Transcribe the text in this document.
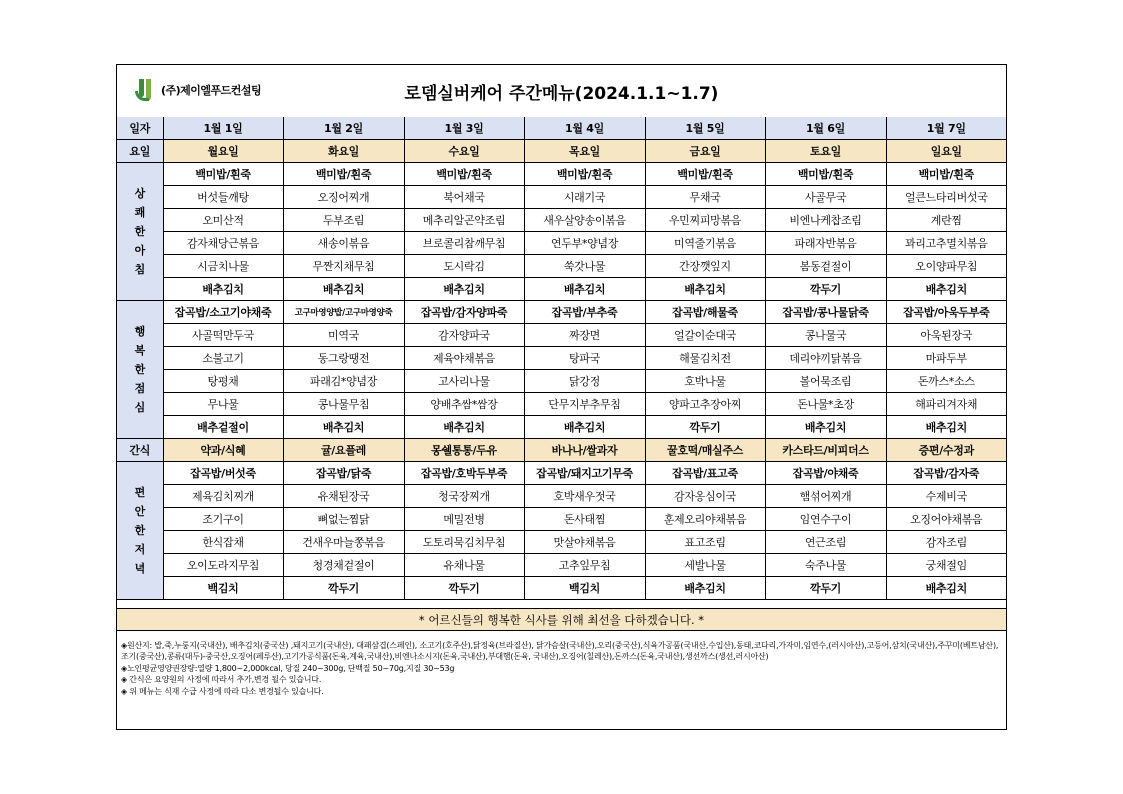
(주)제이엘푸드컨설팅	로뎀실버케어 주간메뉴(2024.1.1~1.7)
일자	1월 1일	1월 2일	1월 3일	1월 4일	1월 5일	1월 6일	1월 7일
요일	월요일	화요일	수요일	목요일	금요일	토요일	일요일
상
쾌
한
아
침	백미밥/흰죽	백미밥/흰죽	백미밥/흰죽	백미밥/흰죽	백미밥/흰죽	백미밥/흰죽	백미밥/흰죽
	버섯들깨탕	오징어찌개	북어채국	시래기국	무채국	사골무국	얼큰느타리버섯국
	오미산적	두부조림	메추리알곤약조림	새우살양송이볶음	우민찌피망볶음	비엔나케찹조림	계란찜
	감자채당근볶음	새송이볶음	브로콜리참깨무침	연두부*양념장	미역줄기볶음	파래자반볶음	꽈리고추멸치볶음
	시금치나물	무짠지채무침	도시락김	쑥갓나물	간장깻잎지	봄동겉절이	오이양파무침
	배추김치	배추김치	배추김치	배추김치	배추김치	깍두기	배추김치
행
복
한
점
심	잡곡밥/소고기야채죽	고구마영양밥/고구마영양죽	잡곡밥/감자양파죽	잡곡밥/부추죽	잡곡밥/해물죽	잡곡밥/콩나물닭죽	잡곡밥/아욱두부죽
	사골떡만두국	미역국	감자양파국	짜장면	얼갈이순대국	콩나물국	아욱된장국
	소불고기	동그랑땡전	제육야채볶음	탕파국	해물김치전	데리야끼닭볶음	마파두부
	탕평채	파래김*양념장	고사리나물	닭강정	호박나물	볼어묵조림	돈까스*소스
	무나물	콩나물무침	양배추쌈*쌈장	단무지부추무침	양파고추장아찌	돈나물*초장	해파리겨자채
	배추겉절이	배추김치	배추김치	배추김치	깍두기	배추김치	배추김치
간식	약과/식혜	귤/요플레	몽쉘통통/두유	바나나/쌀과자	꿀호떡/매실주스	카스타드/비피더스	증편/수정과
편
안
한
저
녁	잡곡밥/버섯죽	잡곡밥/닭죽	잡곡밥/호박두부죽	잡곡밥/돼지고기무죽	잡곡밥/표고죽	잡곡밥/야채죽	잡곡밥/감자죽
	제육김치찌개	유채된장국	청국장찌개	호박새우젓국	감자옹심이국	햄섞어찌개	수제비국
	조기구이	뼈없는찜닭	메밀전병	돈사태찜	훈제오리야채볶음	임연수구이	오징어야채볶음
	한식잡채	건새우마늘쫑볶음	도토리묵김치무침	맛살야채볶음	표고조림	연근조림	감자조림
	오이도라지무침	청경채겉절이	유채나물	고추잎무침	세발나물	숙주나물	궁채절임
	백김치	깍두기	깍두기	백김치	배추김치	깍두기	배추김치
* 어르신들의 행복한 식사를 위해 최선을 다하겠습니다. *
◈원산지: 밥,죽,누룽지(국내산), 배추김치(중국산) ,돼지고기(국내산), 대패삼겹(스페인), 소고기(호주산),닭정육(브라질산), 닭가슴살(국내산),오리(중국산),식육가공품(국내산,수입산),동태,코다리,가자미,임연수,(러시아산),고등어,삼치(국내산),주꾸미(베트남산),조기(중국산),콩류(대두)-중국산,오징어(페루산),고기가공식품(돈육,계육,국내산),비엔나소시지(돈육,국내산),부대햄(돈육, 국내산),오징어(칠레산),돈까스(돈육,국내산),생선까스(생선,러시아산)
◈노인평균영양권장량:열량 1,800~2,000kcal, 당질 240~300g, 단백질 50~70g,지질 30~53g
◈ 간식은 요양원의 사정에 따라서 추가,변경 될수 있습니다.
◈ 위 메뉴는 식재 수급 사정에 따라 다소 변경될수 있습니다.
